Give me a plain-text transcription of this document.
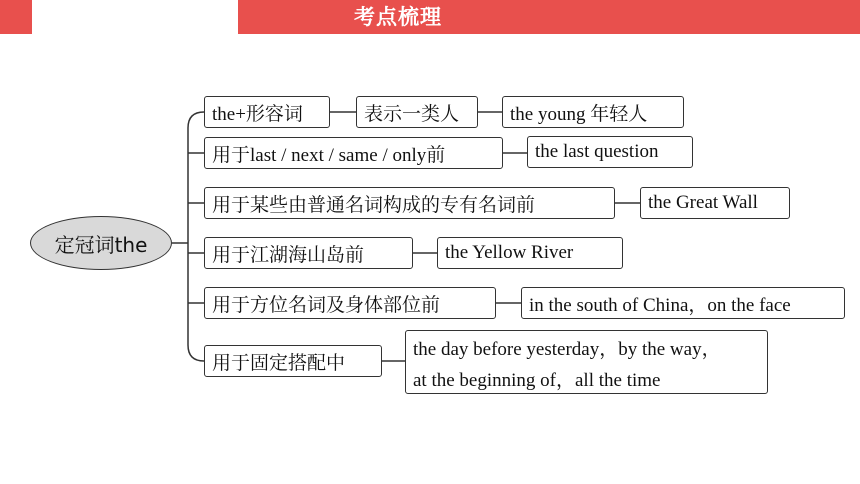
考点梳理
定冠词the
the+形容词	表示一类人	the young 年轻人
用于last / next / same / only前	the last question
用于某些由普通名词构成的专有名词前	the Great Wall
用于江湖海山岛前	the Yellow River
用于方位名词及身体部位前	in the south of China，on the face
用于固定搭配中
the day before yesterday，by the way，
at the beginning of，all the time
